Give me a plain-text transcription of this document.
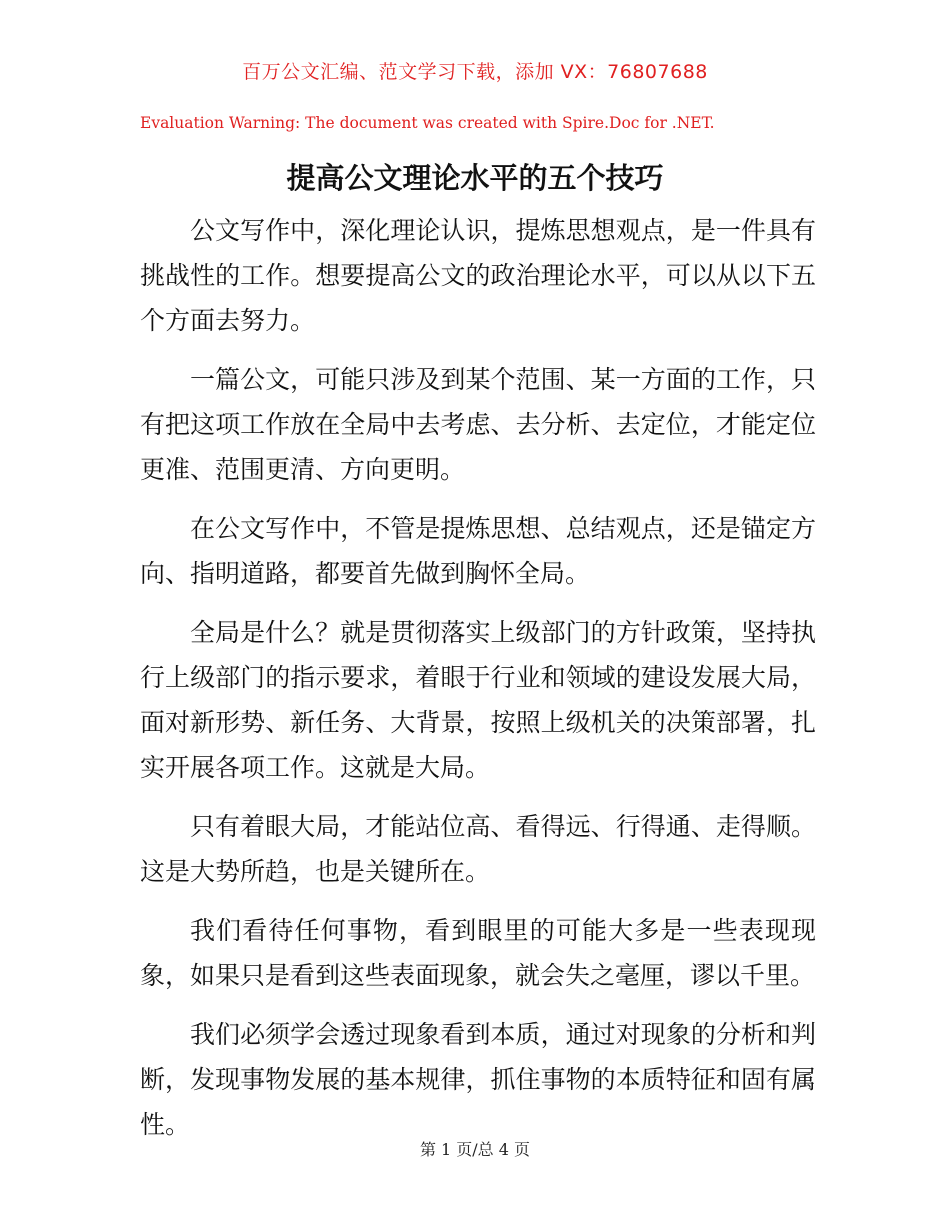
百万公文汇编、范文学习下载，添加 VX：76807688
Evaluation Warning: The document was created with Spire.Doc for .NET.
提高公文理论水平的五个技巧

公文写作中，深化理论认识，提炼思想观点，是一件具有挑战性的工作。想要提高公文的政治理论水平，可以从以下五个方面去努力。

一篇公文，可能只涉及到某个范围、某一方面的工作，只有把这项工作放在全局中去考虑、去分析、去定位，才能定位更准、范围更清、方向更明。

在公文写作中，不管是提炼思想、总结观点，还是锚定方向、指明道路，都要首先做到胸怀全局。

全局是什么？就是贯彻落实上级部门的方针政策，坚持执行上级部门的指示要求，着眼于行业和领域的建设发展大局，面对新形势、新任务、大背景，按照上级机关的决策部署，扎实开展各项工作。这就是大局。

只有着眼大局，才能站位高、看得远、行得通、走得顺。这是大势所趋，也是关键所在。

我们看待任何事物，看到眼里的可能大多是一些表现现象，如果只是看到这些表面现象，就会失之毫厘，谬以千里。

我们必须学会透过现象看到本质，通过对现象的分析和判断，发现事物发展的基本规律，抓住事物的本质特征和固有属性。

第 1 页/总 4 页
